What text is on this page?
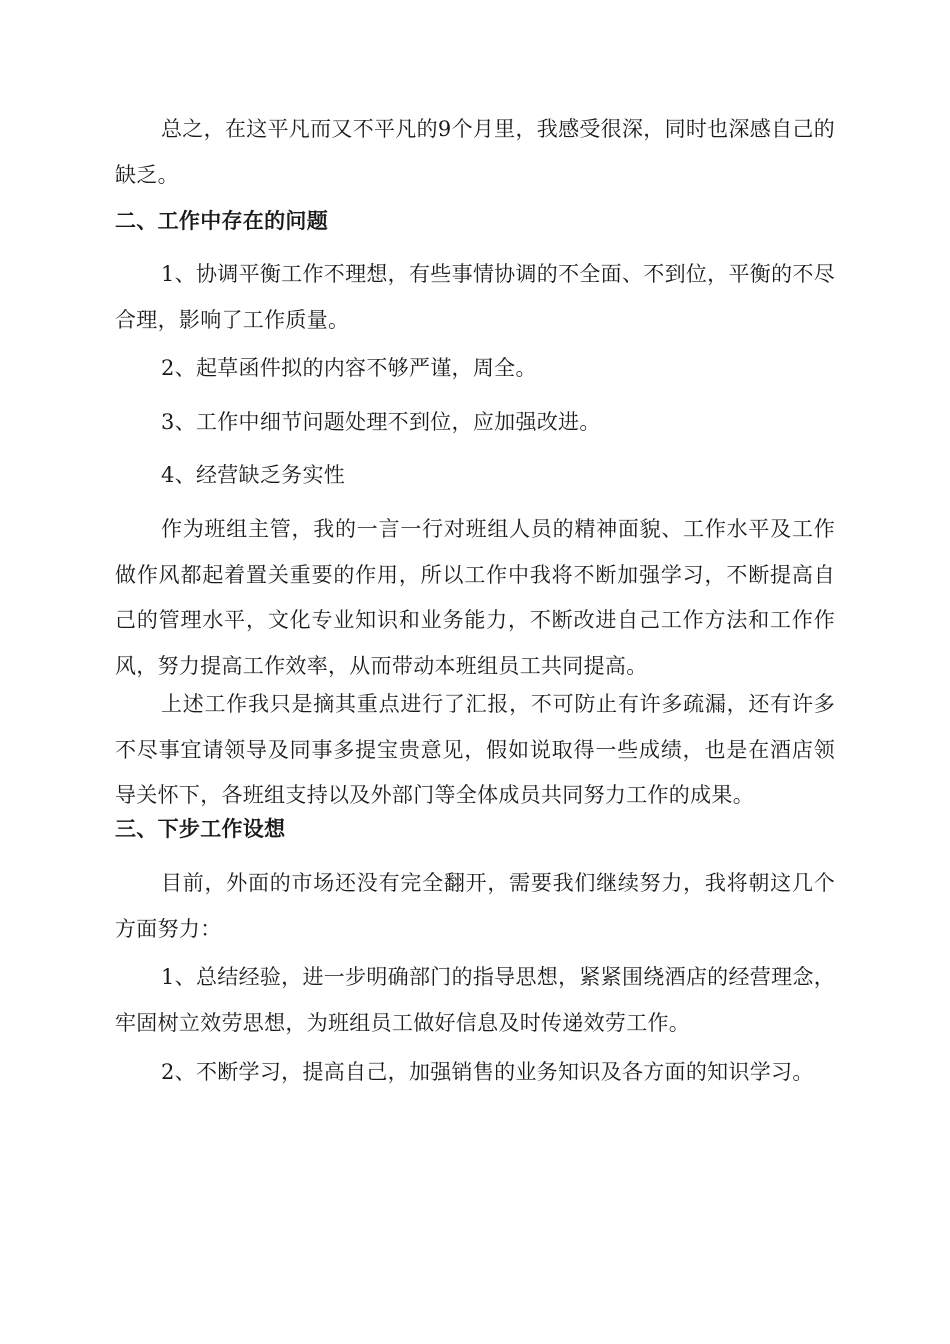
总之，在这平凡而又不平凡的9个月里，我感受很深，同时也深感自己的缺乏。

二、工作中存在的问题

1、协调平衡工作不理想，有些事情协调的不全面、不到位，平衡的不尽合理，影响了工作质量。

2、起草函件拟的内容不够严谨，周全。

3、工作中细节问题处理不到位，应加强改进。

4、经营缺乏务实性

作为班组主管，我的一言一行对班组人员的精神面貌、工作水平及工作做作风都起着置关重要的作用，所以工作中我将不断加强学习，不断提高自己的管理水平，文化专业知识和业务能力，不断改进自己工作方法和工作作风，努力提高工作效率，从而带动本班组员工共同提高。

上述工作我只是摘其重点进行了汇报，不可防止有许多疏漏，还有许多不尽事宜请领导及同事多提宝贵意见，假如说取得一些成绩，也是在酒店领导关怀下，各班组支持以及外部门等全体成员共同努力工作的成果。

三、下步工作设想

目前，外面的市场还没有完全翻开，需要我们继续努力，我将朝这几个方面努力：

1、总结经验，进一步明确部门的指导思想，紧紧围绕酒店的经营理念，牢固树立效劳思想，为班组员工做好信息及时传递效劳工作。

2、不断学习，提高自己，加强销售的业务知识及各方面的知识学习。
